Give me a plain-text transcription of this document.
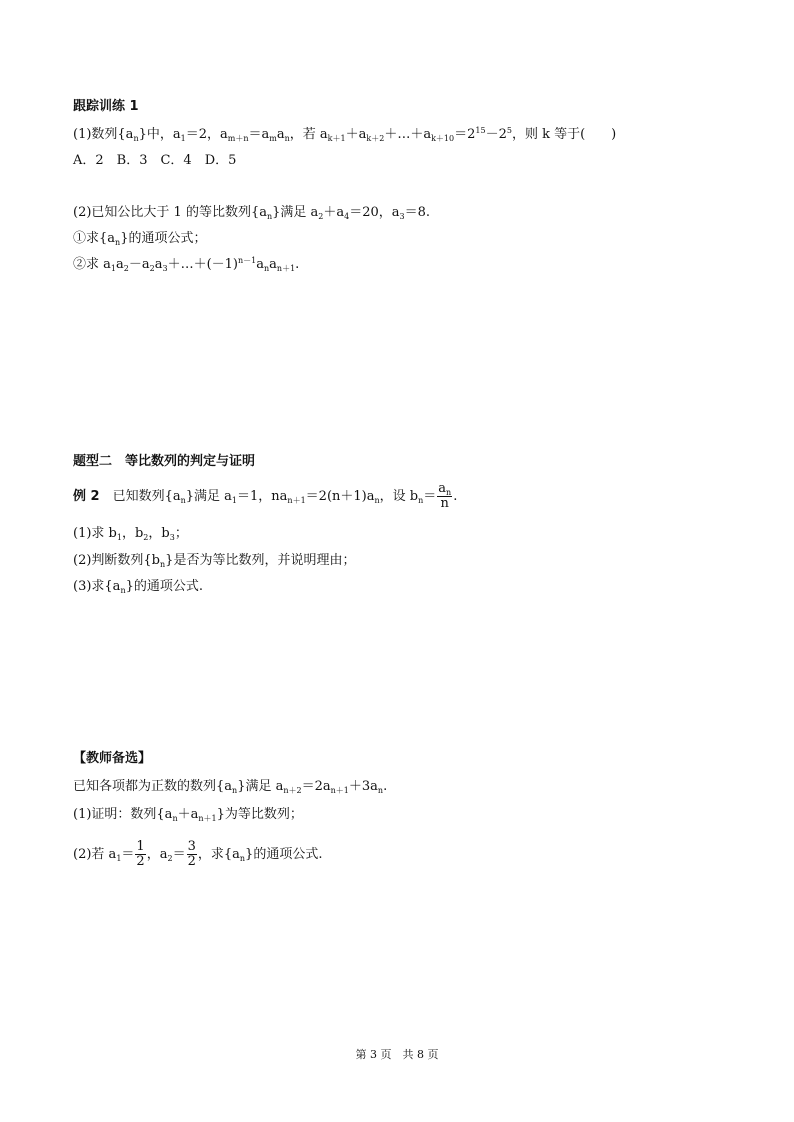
跟踪训练 1
(1)数列$\{a_n\}$中，$a_1=2$，$a_{m+n}=a_ma_n$，若 $a_{k+1}+a_{k+2}+\dots+a_{k+10}=2^{15}-2^5$，则 k 等于(　　)
A．2　B．3　C．4　D．5
(2)已知公比大于 1 的等比数列$\{a_n\}$满足 $a_2+a_4=20$，$a_3=8$.
①求$\{a_n\}$的通项公式；
②求 $a_1a_2-a_2a_3+\dots+(-1)^{n-1}a_na_{n+1}$.
题型二　等比数列的判定与证明
例 2　已知数列$\{a_n\}$满足 $a_1=1$，$na_{n+1}=2(n+1)a_n$，设 $b_n= \frac{a_n}{n}$ .
(1)求 $b_1$，$b_2$，$b_3$；
(2)判断数列$\{b_n\}$是否为等比数列，并说明理由；
(3)求$\{a_n\}$的通项公式.
【教师备选】
已知各项都为正数的数列$\{a_n\}$满足 $a_{n+2}=2a_{n+1}+3a_n$.
(1)证明：数列$\{a_n+a_{n+1}\}$为等比数列；
(2)若 $a_1= \frac{1}{2}$ ，$a_2= \frac{3}{2}$ ，求$\{a_n\}$的通项公式.
第 3 页　共 8 页
